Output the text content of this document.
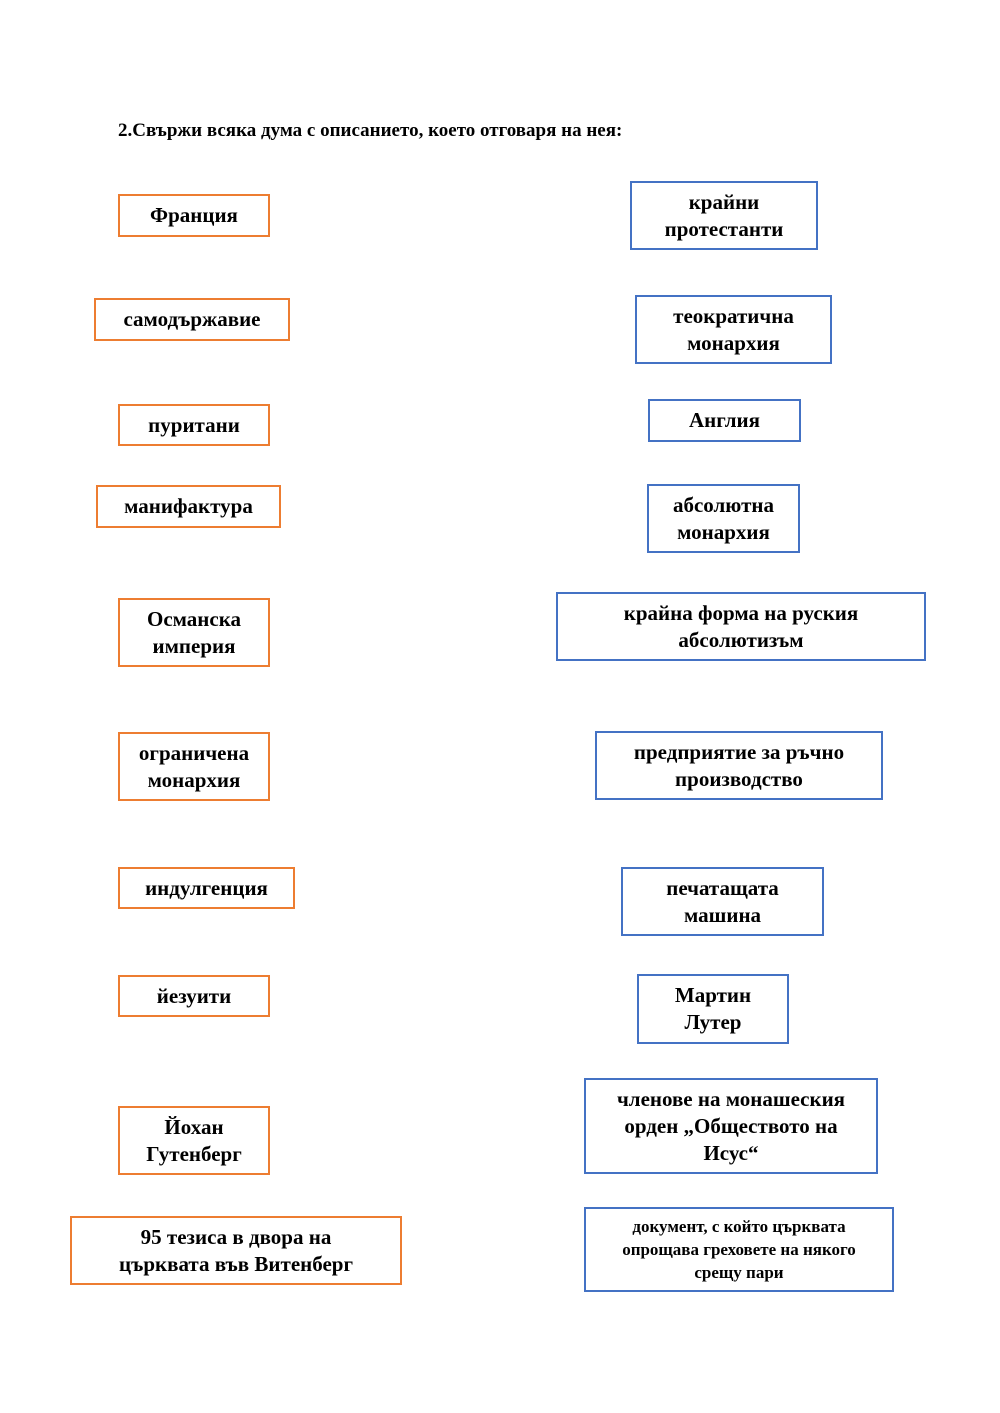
2.Свържи всяка дума с описанието, което отговаря на нея:
Франция
самодържавие
пуритани
манифактура
Османска
империя
ограничена
монархия
индулгенция
йезуити
Йохан
Гутенберг
95 тезиса в двора на
църквата във Витенберг
крайни
протестанти
теократична
монархия
Англия
абсолютна
монархия
крайна форма на руския
абсолютизъм
предприятие за ръчно
производство
печатащата
машина
Мартин
Лутер
членове на монашеския
орден „Обществото на
Исус“
документ, с който църквата
опрощава греховете на някого
срещу пари
